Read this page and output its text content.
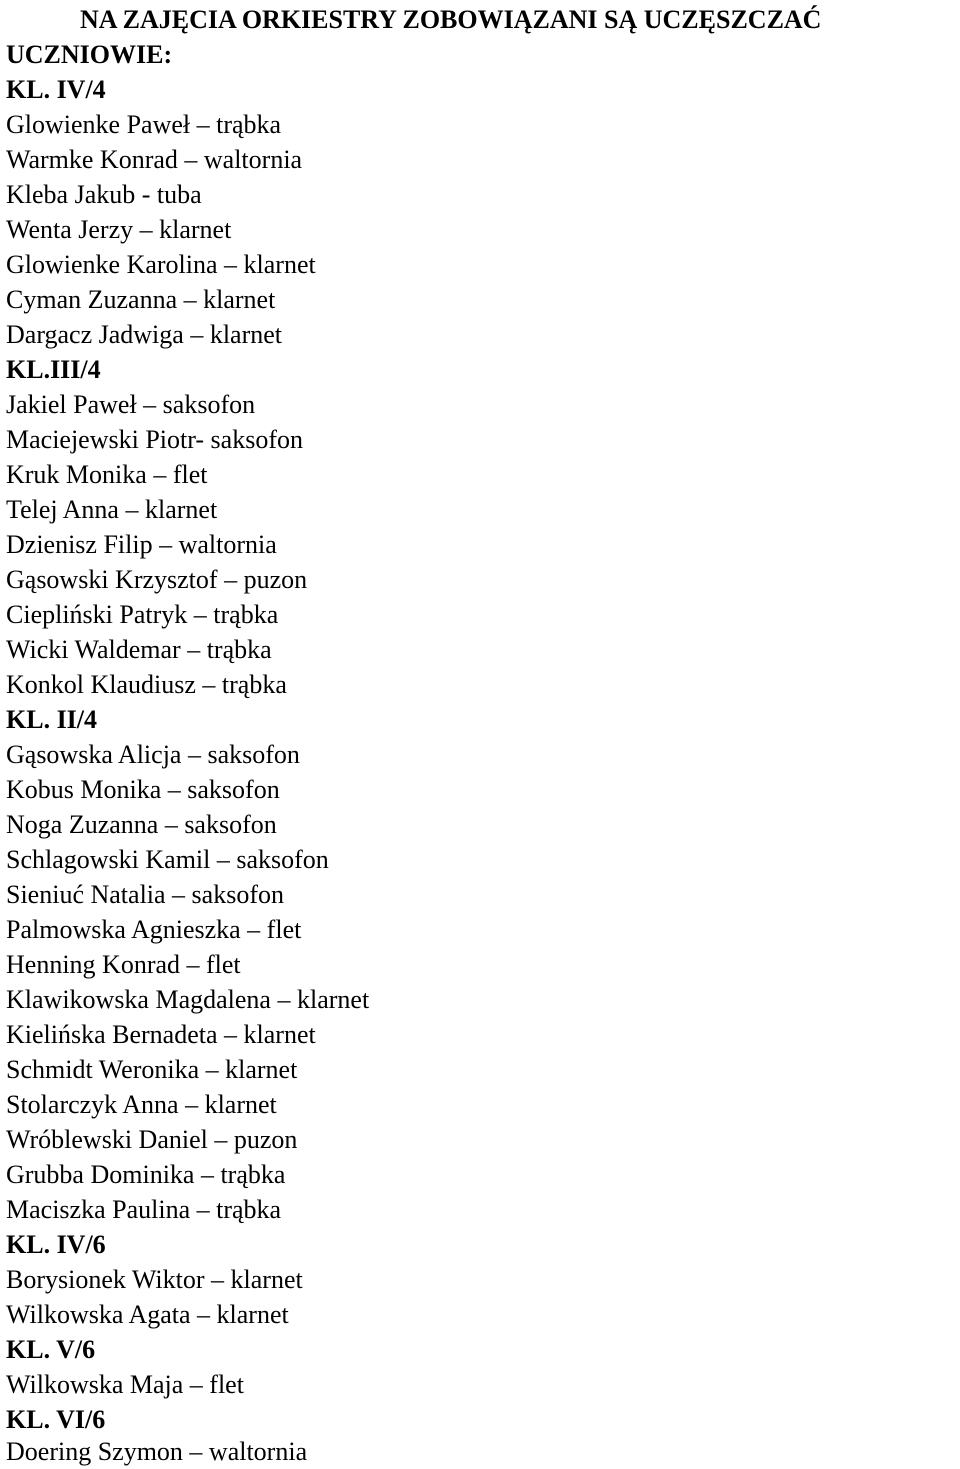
NA ZAJĘCIA ORKIESTRY ZOBOWIĄZANI SĄ UCZĘSZCZAĆ
UCZNIOWIE:
KL. IV/4
Glowienke Paweł – trąbka
Warmke Konrad – waltornia
Kleba Jakub - tuba
Wenta Jerzy – klarnet
Glowienke Karolina – klarnet
Cyman Zuzanna – klarnet
Dargacz Jadwiga – klarnet
KL.III/4
Jakiel Paweł – saksofon
Maciejewski Piotr- saksofon
Kruk Monika – flet
Telej Anna – klarnet
Dzienisz Filip – waltornia
Gąsowski Krzysztof – puzon
Ciepliński Patryk – trąbka
Wicki Waldemar – trąbka
Konkol Klaudiusz – trąbka
KL. II/4
Gąsowska Alicja – saksofon
Kobus Monika – saksofon
Noga Zuzanna – saksofon
Schlagowski Kamil – saksofon
Sieniuć Natalia – saksofon
Palmowska Agnieszka – flet
Henning Konrad – flet
Klawikowska Magdalena – klarnet
Kielińska Bernadeta – klarnet
Schmidt Weronika – klarnet
Stolarczyk Anna – klarnet
Wróblewski Daniel – puzon
Grubba Dominika – trąbka
Maciszka Paulina – trąbka
KL. IV/6
Borysionek Wiktor – klarnet
Wilkowska Agata – klarnet
KL. V/6
Wilkowska Maja – flet
KL. VI/6
Doering Szymon – waltornia
